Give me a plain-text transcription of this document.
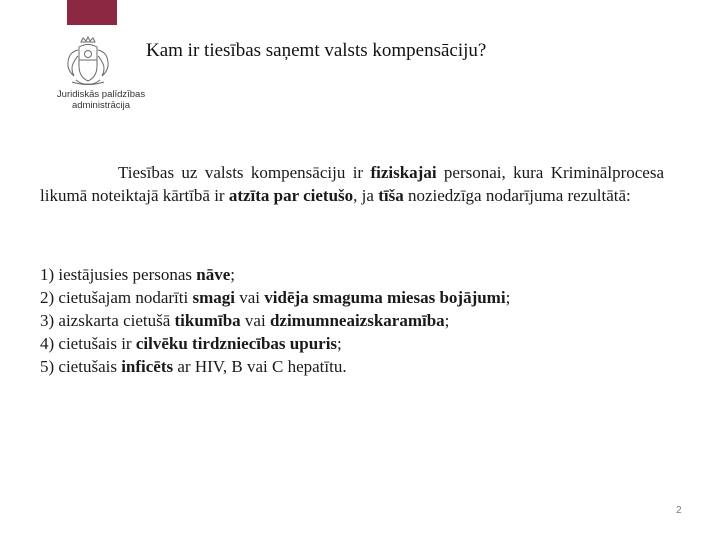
Juridiskās palīdzības
administrācija
Kam ir tiesības saņemt valsts kompensāciju?
Tiesības uz valsts kompensāciju ir fiziskajai personai, kura Kriminālprocesa likumā noteiktajā kārtībā ir atzīta par cietušo, ja tīša noziedzīga nodarījuma rezultātā:
1) iestājusies personas nāve;
2) cietušajam nodarīti smagi vai vidēja smaguma miesas bojājumi;
3) aizskarta cietušā tikumība vai dzimumneaizskaramība;
4) cietušais ir cilvēku tirdzniecības upuris;
5) cietušais inficēts ar HIV, B vai C hepatītu.
2
